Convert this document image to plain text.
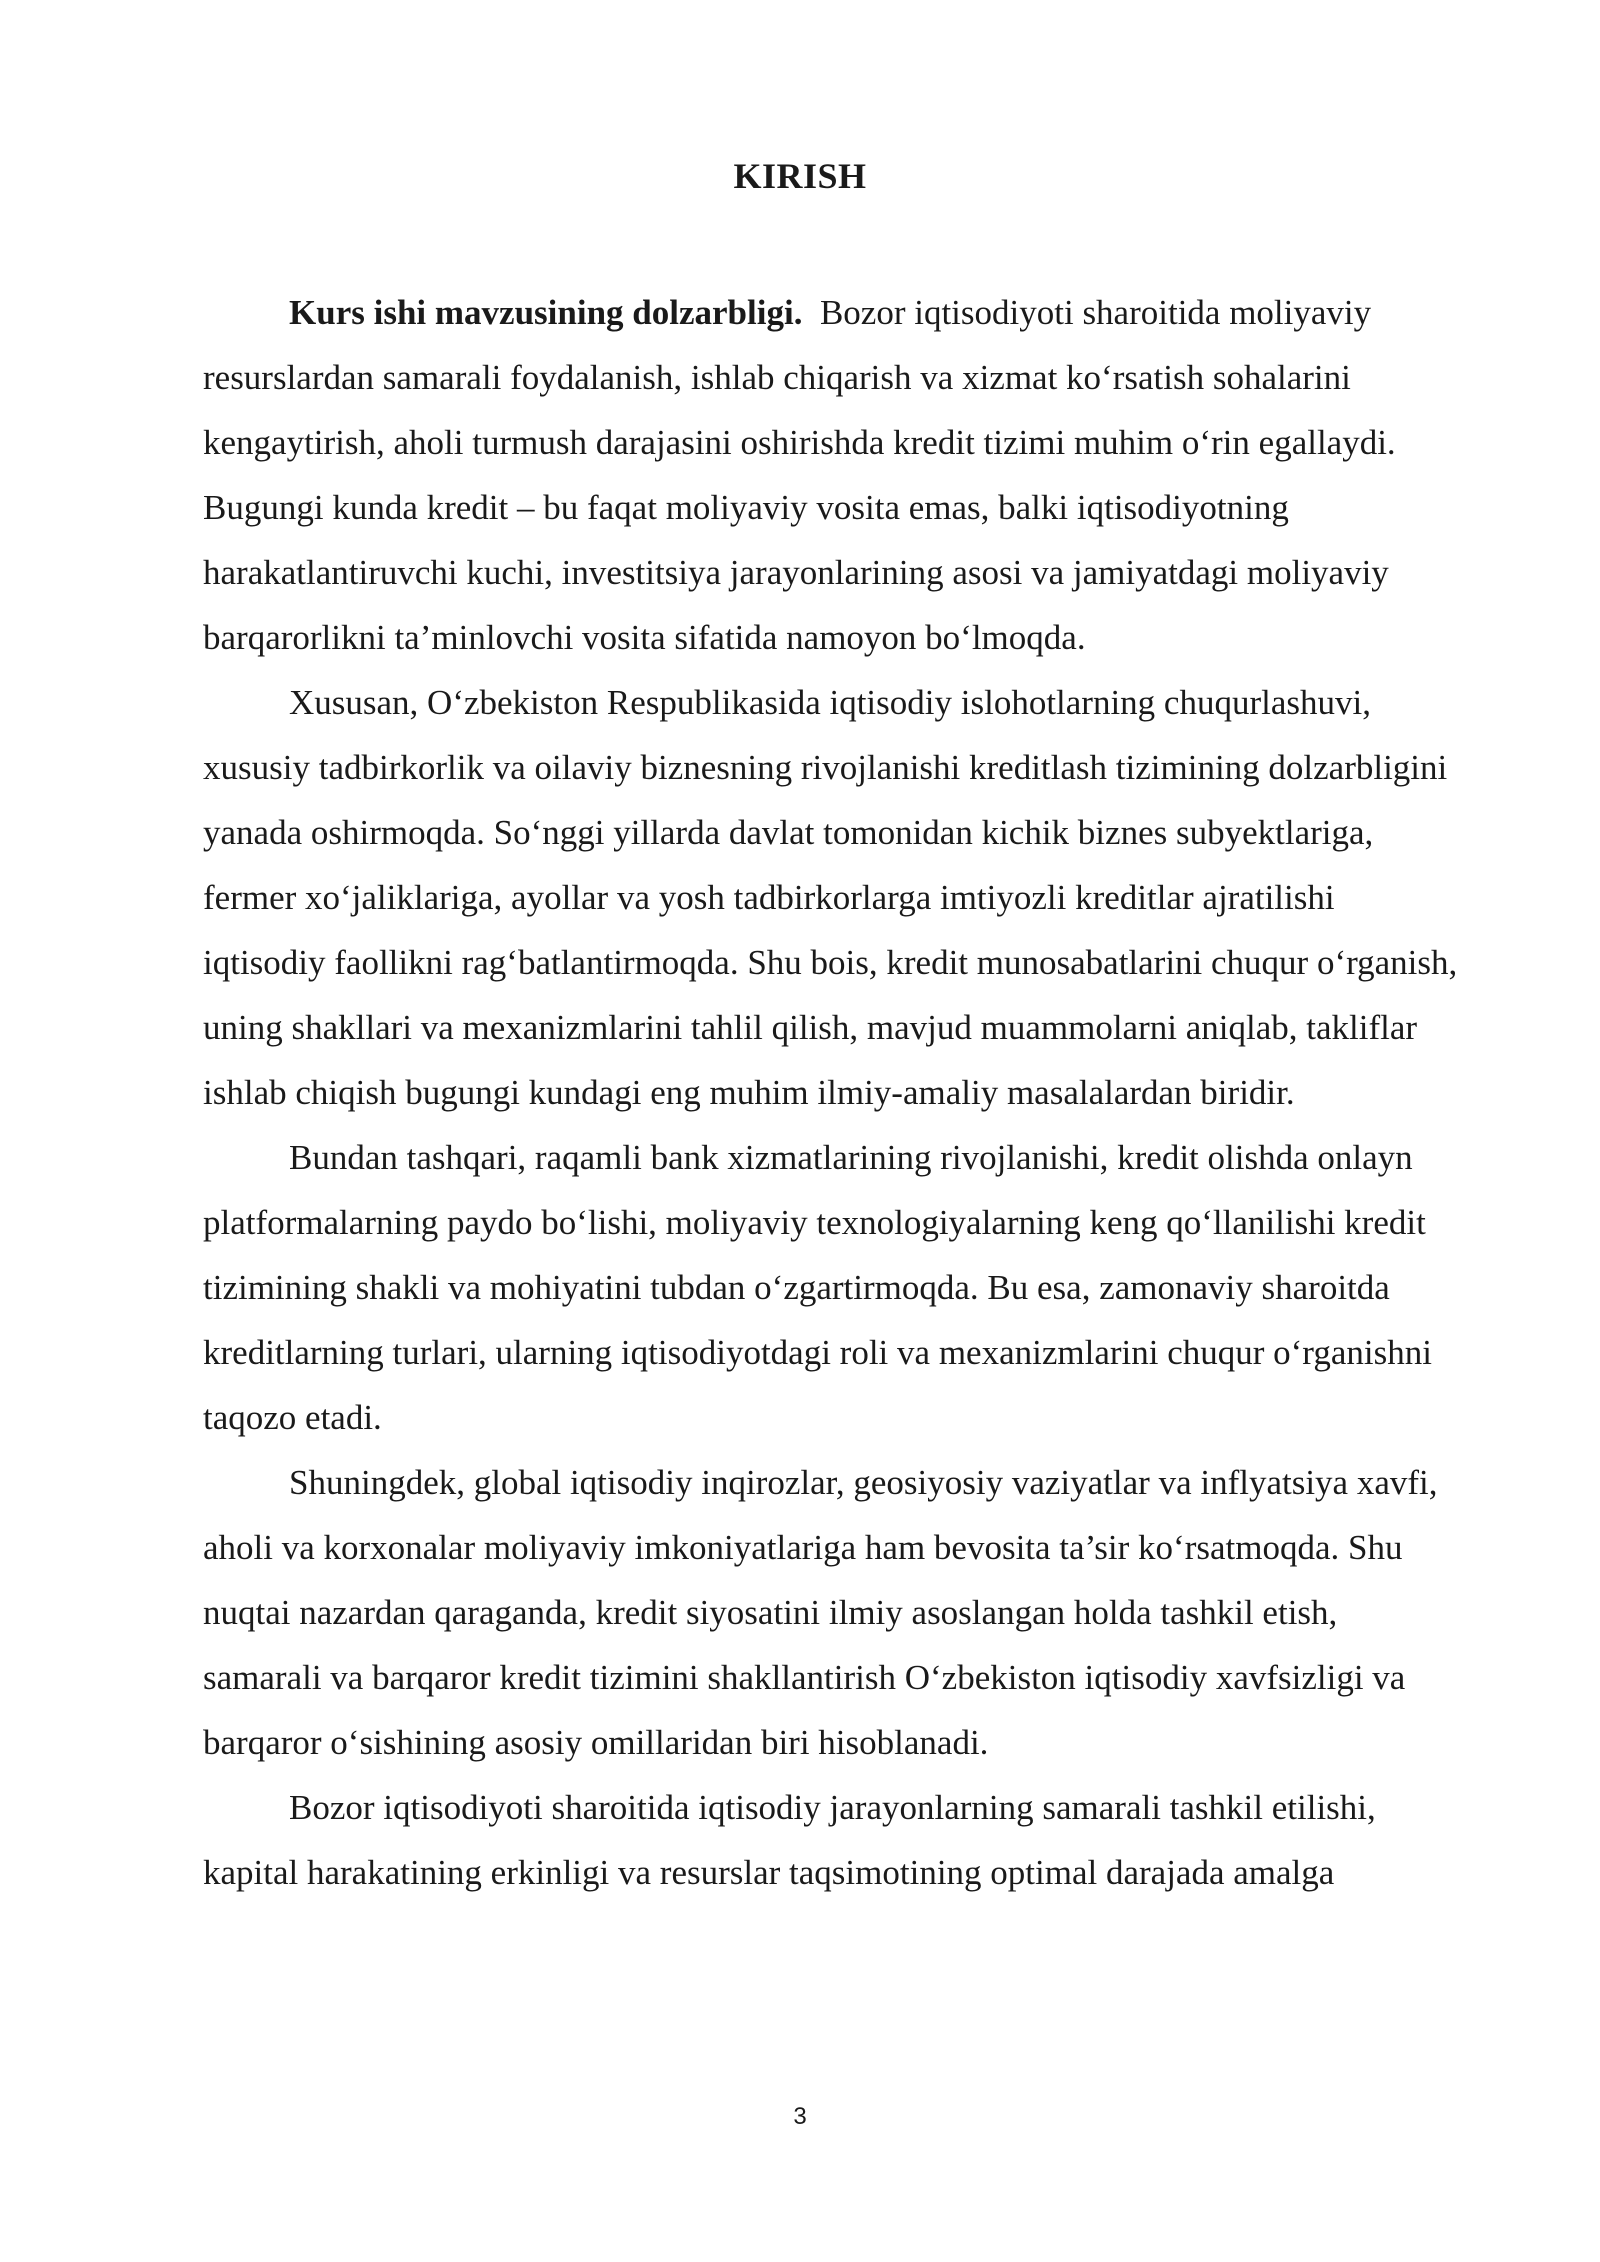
KIRISH

Kurs ishi mavzusining dolzarbligi.  Bozor iqtisodiyoti sharoitida moliyaviy resurslardan samarali foydalanish, ishlab chiqarish va xizmat koʻrsatish sohalarini kengaytirish, aholi turmush darajasini oshirishda kredit tizimi muhim oʻrin egallaydi. Bugungi kunda kredit – bu faqat moliyaviy vosita emas, balki iqtisodiyotning harakatlantiruvchi kuchi, investitsiya jarayonlarining asosi va jamiyatdagi moliyaviy barqarorlikni ta’minlovchi vosita sifatida namoyon boʻlmoqda.

Xususan, Oʻzbekiston Respublikasida iqtisodiy islohotlarning chuqurlashuvi, xususiy tadbirkorlik va oilaviy biznesning rivojlanishi kreditlash tizimining dolzarbligini yanada oshirmoqda. Soʻnggi yillarda davlat tomonidan kichik biznes subyektlariga, fermer xoʻjaliklariga, ayollar va yosh tadbirkorlarga imtiyozli kreditlar ajratilishi iqtisodiy faollikni ragʻbatlantirmoqda. Shu bois, kredit munosabatlarini chuqur oʻrganish, uning shakllari va mexanizmlarini tahlil qilish, mavjud muammolarni aniqlab, takliflar ishlab chiqish bugungi kundagi eng muhim ilmiy-amaliy masalalardan biridir.

Bundan tashqari, raqamli bank xizmatlarining rivojlanishi, kredit olishda onlayn platformalarning paydo boʻlishi, moliyaviy texnologiyalarning keng qoʻllanilishi kredit tizimining shakli va mohiyatini tubdan oʻzgartirmoqda. Bu esa, zamonaviy sharoitda kreditlarning turlari, ularning iqtisodiyotdagi roli va mexanizmlarini chuqur oʻrganishni taqozo etadi.

Shuningdek, global iqtisodiy inqirozlar, geosiyosiy vaziyatlar va inflyatsiya xavfi, aholi va korxonalar moliyaviy imkoniyatlariga ham bevosita ta’sir koʻrsatmoqda. Shu nuqtai nazardan qaraganda, kredit siyosatini ilmiy asoslangan holda tashkil etish, samarali va barqaror kredit tizimini shakllantirish Oʻzbekiston iqtisodiy xavfsizligi va barqaror oʻsishining asosiy omillaridan biri hisoblanadi.

Bozor iqtisodiyoti sharoitida iqtisodiy jarayonlarning samarali tashkil etilishi, kapital harakatining erkinligi va resurslar taqsimotining optimal darajada amalga

3
